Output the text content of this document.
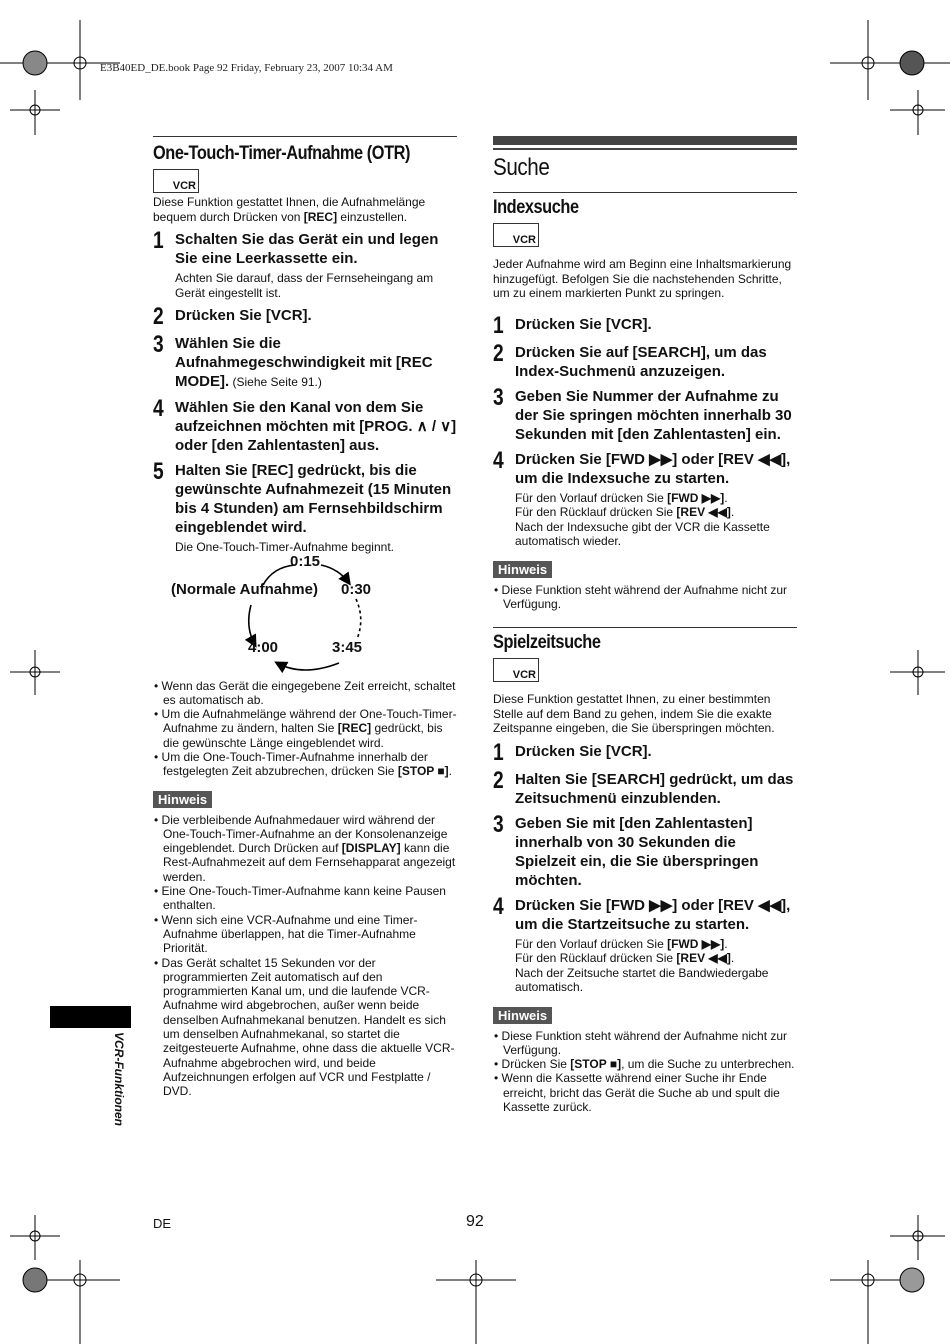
E3B40ED_DE.book Page 92 Friday, February 23, 2007 10:34 AM
One-Touch-Timer-Aufnahme (OTR)
VCR
Diese Funktion gestattet Ihnen, die Aufnahmelänge bequem durch Drücken von [REC] einzustellen.
1 Schalten Sie das Gerät ein und legen Sie eine Leerkassette ein.
Achten Sie darauf, dass der Fernseheingang am Gerät eingestellt ist.
2 Drücken Sie [VCR].
3 Wählen Sie die Aufnahmegeschwindigkeit mit [REC MODE]. (Siehe Seite 91.)
4 Wählen Sie den Kanal von dem Sie aufzeichnen möchten mit [PROG. ∧ / ∨] oder [den Zahlentasten] aus.
5 Halten Sie [REC] gedrückt, bis die gewünschte Aufnahmezeit (15 Minuten bis 4 Stunden) am Fernsehbildschirm eingeblendet wird.
Die One-Touch-Timer-Aufnahme beginnt.
0:15
(Normale Aufnahme) 0:30
4:00	3:45
• Wenn das Gerät die eingegebene Zeit erreicht, schaltet es automatisch ab.
• Um die Aufnahmelänge während der One-Touch-Timer-Aufnahme zu ändern, halten Sie [REC] gedrückt, bis die gewünschte Länge eingeblendet wird.
• Um die One-Touch-Timer-Aufnahme innerhalb der festgelegten Zeit abzubrechen, drücken Sie [STOP ■].
Hinweis
• Die verbleibende Aufnahmedauer wird während der One-Touch-Timer-Aufnahme an der Konsolenanzeige eingeblendet. Durch Drücken auf [DISPLAY] kann die Rest-Aufnahmezeit auf dem Fernsehapparat angezeigt werden.
• Eine One-Touch-Timer-Aufnahme kann keine Pausen enthalten.
• Wenn sich eine VCR-Aufnahme und eine Timer-Aufnahme überlappen, hat die Timer-Aufnahme Priorität.
• Das Gerät schaltet 15 Sekunden vor der programmierten Zeit automatisch auf den programmierten Kanal um, und die laufende VCR-Aufnahme wird abgebrochen, außer wenn beide denselben Aufnahmekanal benutzen. Handelt es sich um denselben Aufnahmekanal, so startet die zeitgesteuerte Aufnahme, ohne dass die aktuelle VCR-Aufnahme abgebrochen wird, und beide Aufzeichnungen erfolgen auf VCR und Festplatte / DVD.
Suche
Indexsuche
VCR
Jeder Aufnahme wird am Beginn eine Inhaltsmarkierung hinzugefügt. Befolgen Sie die nachstehenden Schritte, um zu einem markierten Punkt zu springen.
1 Drücken Sie [VCR].
2 Drücken Sie auf [SEARCH], um das Index-Suchmenü anzuzeigen.
3 Geben Sie Nummer der Aufnahme zu der Sie springen möchten innerhalb 30 Sekunden mit [den Zahlentasten] ein.
4 Drücken Sie [FWD ▶▶] oder [REV ◀◀], um die Indexsuche zu starten.
Für den Vorlauf drücken Sie [FWD ▶▶].
Für den Rücklauf drücken Sie [REV ◀◀].
Nach der Indexsuche gibt der VCR die Kassette automatisch wieder.
Hinweis
• Diese Funktion steht während der Aufnahme nicht zur Verfügung.
Spielzeitsuche
VCR
Diese Funktion gestattet Ihnen, zu einer bestimmten Stelle auf dem Band zu gehen, indem Sie die exakte Zeitspanne eingeben, die Sie überspringen möchten.
1 Drücken Sie [VCR].
2 Halten Sie [SEARCH] gedrückt, um das Zeitsuchmenü einzublenden.
3 Geben Sie mit [den Zahlentasten] innerhalb von 30 Sekunden die Spielzeit ein, die Sie überspringen möchten.
4 Drücken Sie [FWD ▶▶] oder [REV ◀◀], um die Startzeitsuche zu starten.
Für den Vorlauf drücken Sie [FWD ▶▶].
Für den Rücklauf drücken Sie [REV ◀◀].
Nach der Zeitsuche startet die Bandwiedergabe automatisch.
Hinweis
• Diese Funktion steht während der Aufnahme nicht zur Verfügung.
• Drücken Sie [STOP ■], um die Suche zu unterbrechen.
• Wenn die Kassette während einer Suche ihr Ende erreicht, bricht das Gerät die Suche ab und spult die Kassette zurück.
VCR-Funktionen
DE	92
